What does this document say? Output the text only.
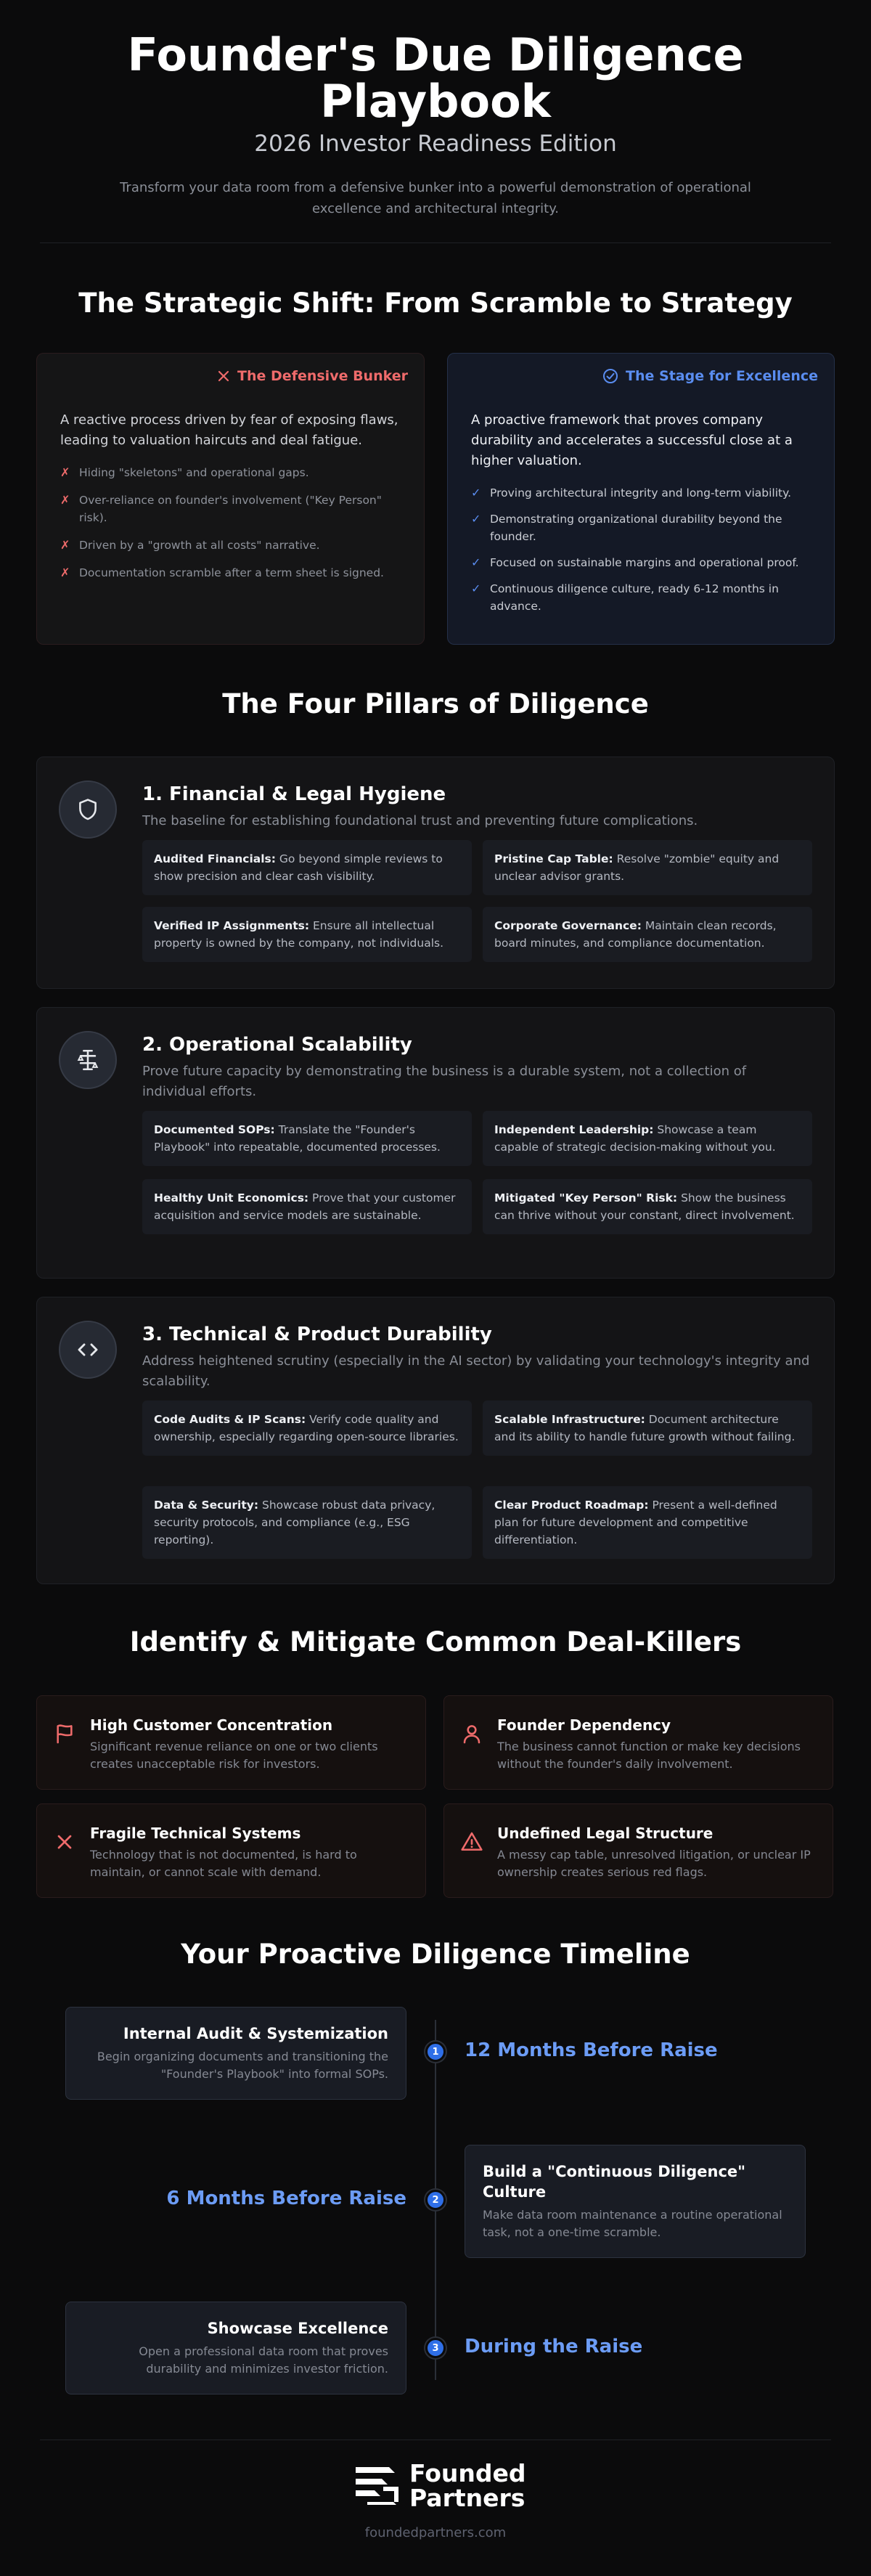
Founder's Due Diligence
Playbook
2026 Investor Readiness Edition

Transform your data room from a defensive bunker into a powerful demonstration of operational excellence and architectural integrity.

The Strategic Shift: From Scramble to Strategy
The Defensive Bunker

A reactive process driven by fear of exposing flaws, leading to valuation haircuts and deal fatigue.

✗ Hiding "skeletons" and operational gaps.
✗ Over-reliance on founder's involvement ("Key Person" risk).
✗ Driven by a "growth at all costs" narrative.
✗ Documentation scramble after a term sheet is signed.
The Stage for Excellence

A proactive framework that proves company durability and accelerates a successful close at a higher valuation.

✓ Proving architectural integrity and long-term viability.
✓ Demonstrating organizational durability beyond the founder.
✓ Focused on sustainable margins and operational proof.
✓ Continuous diligence culture, ready 6-12 months in advance.
The Four Pillars of Diligence
1. Financial & Legal Hygiene
The baseline for establishing foundational trust and preventing future complications.
Audited Financials: Go beyond simple reviews to show precision and clear cash visibility.
Pristine Cap Table: Resolve "zombie" equity and unclear advisor grants.
Verified IP Assignments: Ensure all intellectual property is owned by the company, not individuals.
Corporate Governance: Maintain clean records, board minutes, and compliance documentation.
2. Operational Scalability
Prove future capacity by demonstrating the business is a durable system, not a collection of individual efforts.
Documented SOPs: Translate the "Founder's Playbook" into repeatable, documented processes.
Independent Leadership: Showcase a team capable of strategic decision-making without you.
Healthy Unit Economics: Prove that your customer acquisition and service models are sustainable.
Mitigated "Key Person" Risk: Show the business can thrive without your constant, direct involvement.
3. Technical & Product Durability
Address heightened scrutiny (especially in the AI sector) by validating your technology's integrity and scalability.
Code Audits & IP Scans: Verify code quality and ownership, especially regarding open-source libraries.
Scalable Infrastructure: Document architecture and its ability to handle future growth without failing.
Data & Security: Showcase robust data privacy, security protocols, and compliance (e.g., ESG reporting).
Clear Product Roadmap: Present a well-defined plan for future development and competitive differentiation.
Identify & Mitigate Common Deal-Killers
High Customer Concentration
Significant revenue reliance on one or two clients creates unacceptable risk for investors.
Founder Dependency
The business cannot function or make key decisions without the founder's daily involvement.
Fragile Technical Systems
Technology that is not documented, is hard to maintain, or cannot scale with demand.
Undefined Legal Structure
A messy cap table, unresolved litigation, or unclear IP ownership creates serious red flags.
Your Proactive Diligence Timeline
Internal Audit & Systemization
Begin organizing documents and transitioning the "Founder's Playbook" into formal SOPs.
1	12 Months Before Raise
Build a "Continuous Diligence" Culture
Make data room maintenance a routine operational task, not a one-time scramble.
2
6 Months Before Raise
Showcase Excellence
Open a professional data room that proves durability and minimizes investor friction.
3	During the Raise
Founded
Partners
foundedpartners.com
